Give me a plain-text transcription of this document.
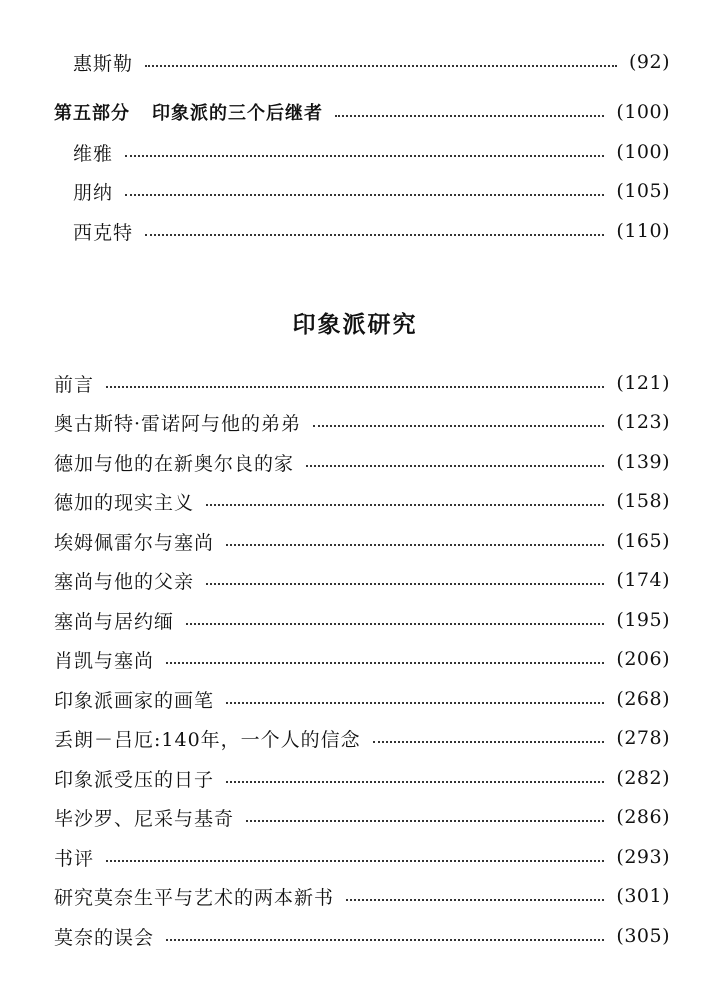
惠斯勒	(92)
第五部分 印象派的三个后继者	(100)
维雅	(100)
朋纳	(105)
西克特	(110)
印象派研究
前言	(121)
奥古斯特·雷诺阿与他的弟弟	(123)
德加与他的在新奥尔良的家	(139)
德加的现实主义	(158)
埃姆佩雷尔与塞尚	(165)
塞尚与他的父亲	(174)
塞尚与居约缅	(195)
肖凯与塞尚	(206)
印象派画家的画笔	(268)
丢朗－吕厄:140年，一个人的信念	(278)
印象派受压的日子	(282)
毕沙罗、尼采与基奇	(286)
书评	(293)
研究莫奈生平与艺术的两本新书	(301)
莫奈的误会	(305)
